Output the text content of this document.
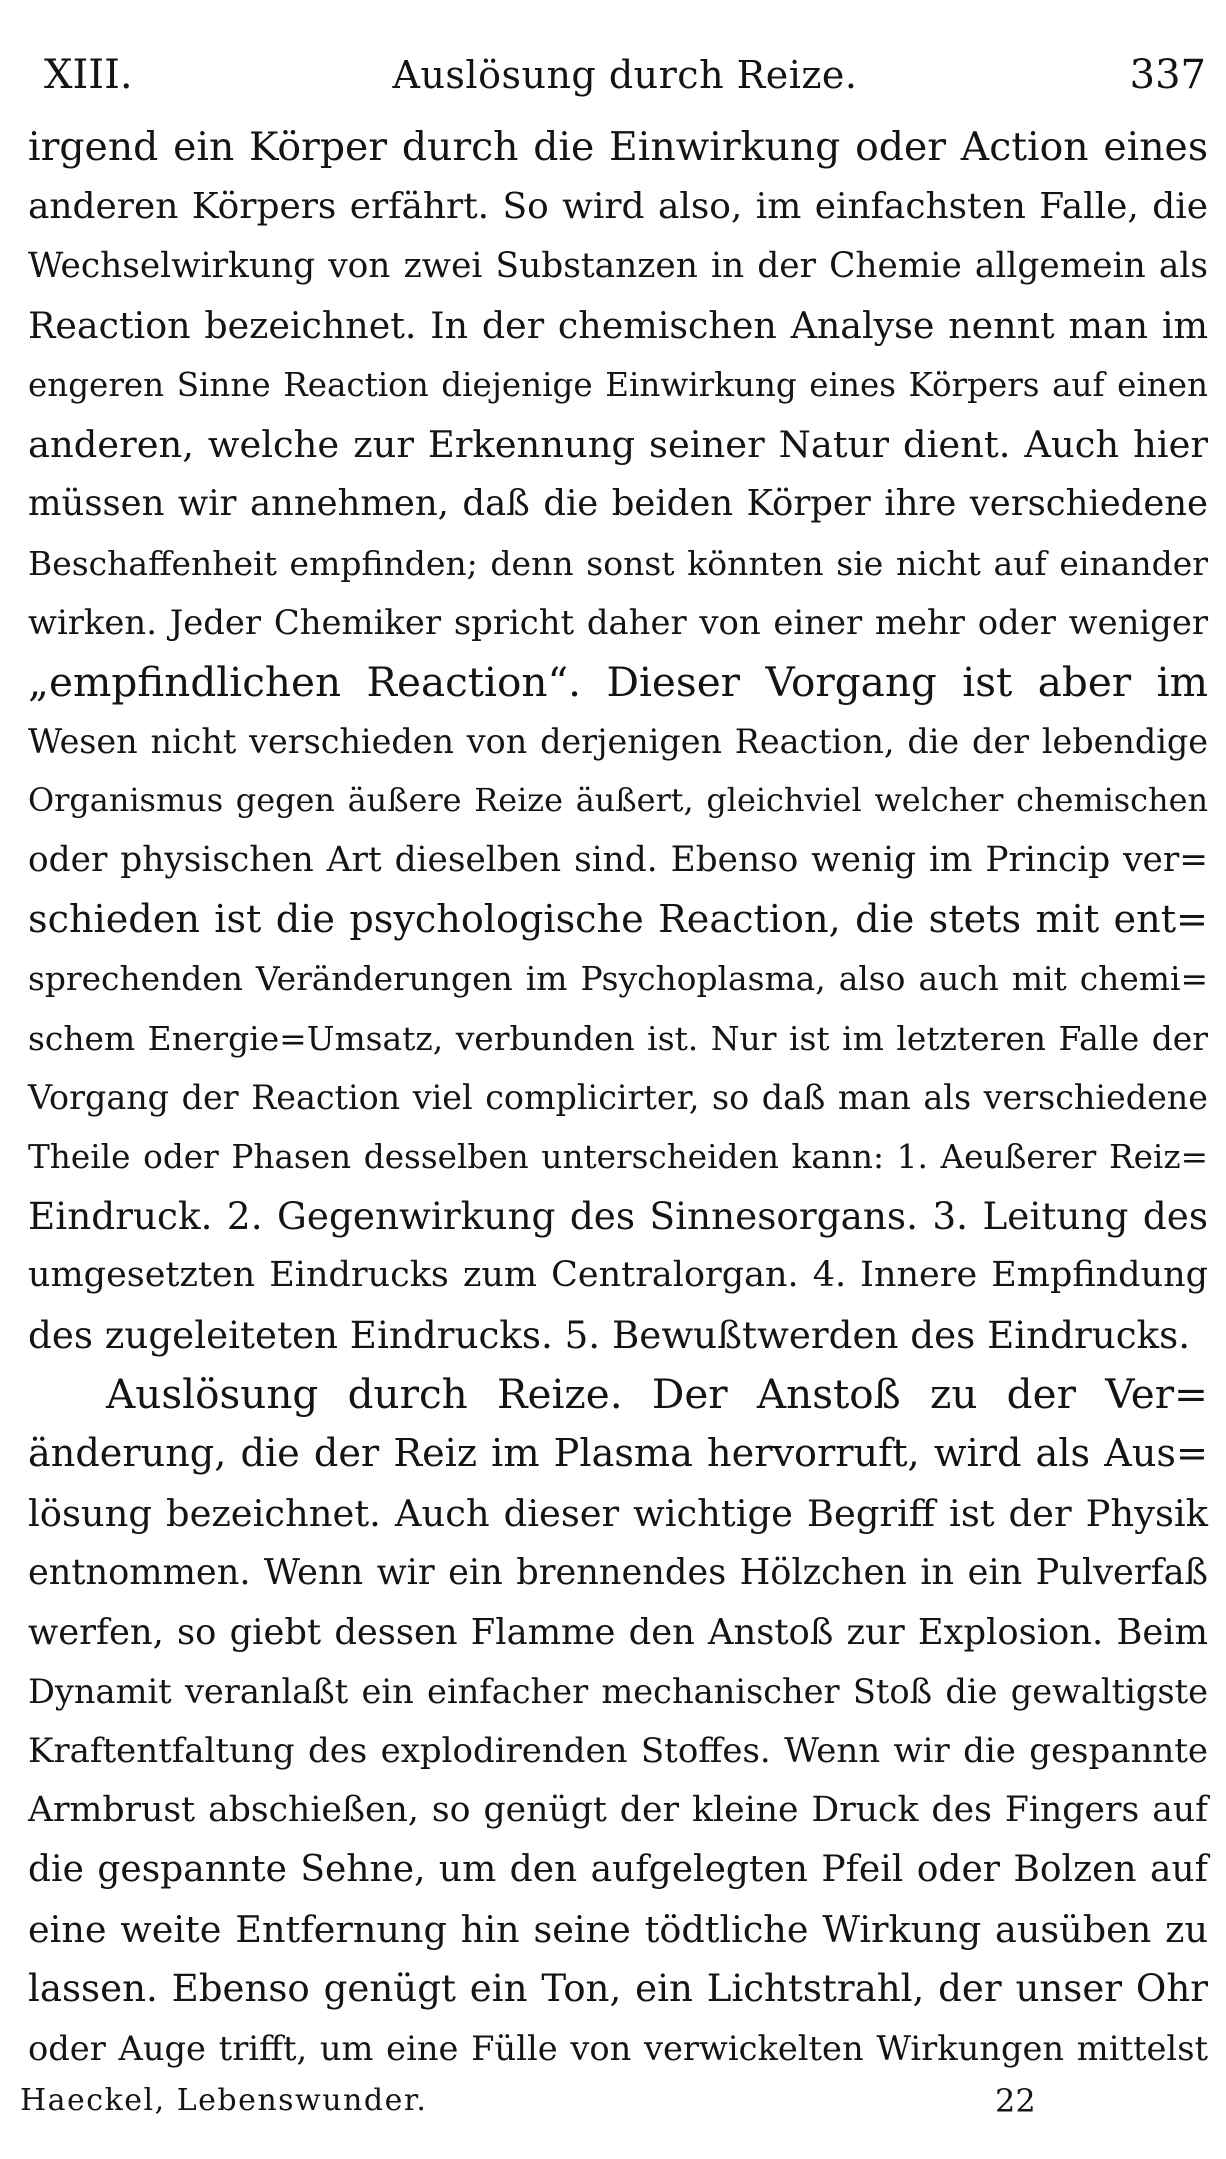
XIII.	Auslösung durch Reize.	337
irgend ein Körper durch die Einwirkung oder Action eines
anderen Körpers erfährt. So wird also, im einfachsten Falle, die
Wechselwirkung von zwei Substanzen in der Chemie allgemein als
Reaction bezeichnet. In der chemischen Analyse nennt man im
engeren Sinne Reaction diejenige Einwirkung eines Körpers auf einen
anderen, welche zur Erkennung seiner Natur dient. Auch hier
müssen wir annehmen, daß die beiden Körper ihre verschiedene
Beschaffenheit empfinden; denn sonst könnten sie nicht auf einander
wirken. Jeder Chemiker spricht daher von einer mehr oder weniger
„empfindlichen Reaction“. Dieser Vorgang ist aber im
Wesen nicht verschieden von derjenigen Reaction, die der lebendige
Organismus gegen äußere Reize äußert, gleichviel welcher chemischen
oder physischen Art dieselben sind. Ebenso wenig im Princip ver=
schieden ist die psychologische Reaction, die stets mit ent=
sprechenden Veränderungen im Psychoplasma, also auch mit chemi=
schem Energie=Umsatz, verbunden ist. Nur ist im letzteren Falle der
Vorgang der Reaction viel complicirter, so daß man als verschiedene
Theile oder Phasen desselben unterscheiden kann: 1. Aeußerer Reiz=
Eindruck. 2. Gegenwirkung des Sinnesorgans. 3. Leitung des
umgesetzten Eindrucks zum Centralorgan. 4. Innere Empfindung
des zugeleiteten Eindrucks. 5. Bewußtwerden des Eindrucks.
Auslösung durch Reize. Der Anstoß zu der Ver=
änderung, die der Reiz im Plasma hervorruft, wird als Aus=
lösung bezeichnet. Auch dieser wichtige Begriff ist der Physik
entnommen. Wenn wir ein brennendes Hölzchen in ein Pulverfaß
werfen, so giebt dessen Flamme den Anstoß zur Explosion. Beim
Dynamit veranlaßt ein einfacher mechanischer Stoß die gewaltigste
Kraftentfaltung des explodirenden Stoffes. Wenn wir die gespannte
Armbrust abschießen, so genügt der kleine Druck des Fingers auf
die gespannte Sehne, um den aufgelegten Pfeil oder Bolzen auf
eine weite Entfernung hin seine tödtliche Wirkung ausüben zu
lassen. Ebenso genügt ein Ton, ein Lichtstrahl, der unser Ohr
oder Auge trifft, um eine Fülle von verwickelten Wirkungen mittelst
Haeckel, Lebenswunder.	22
